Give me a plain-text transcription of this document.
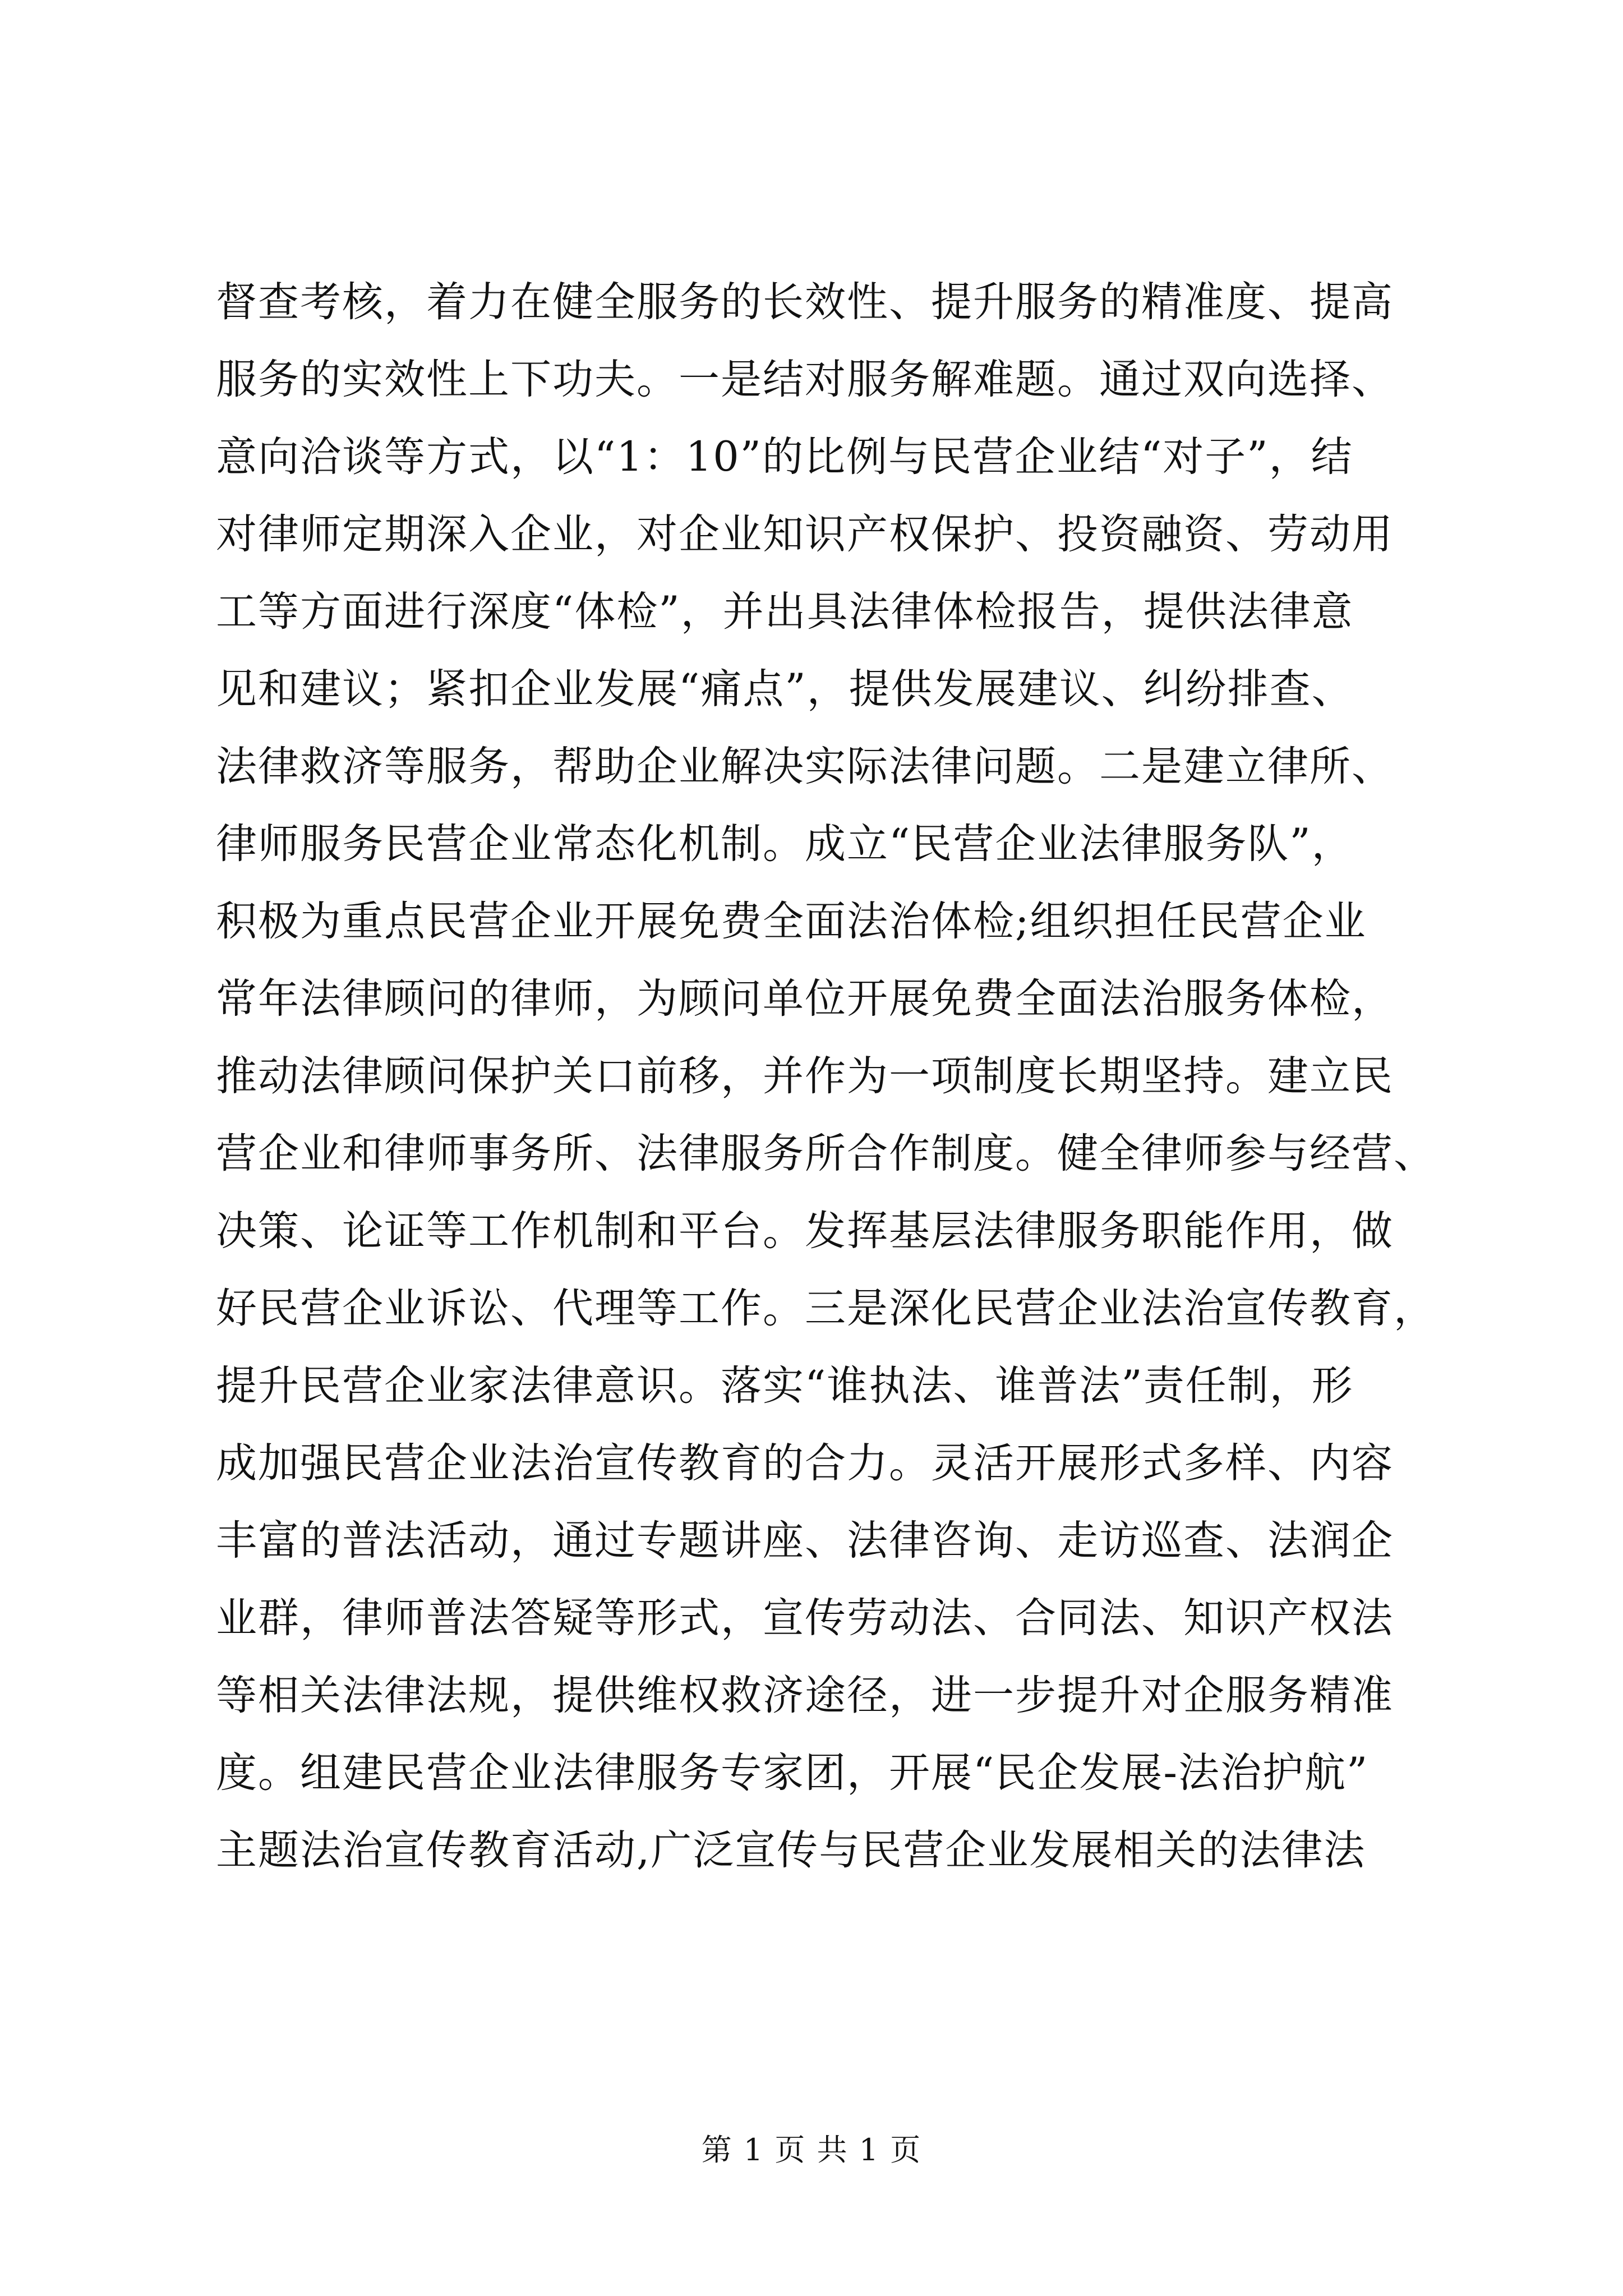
督查考核，着力在健全服务的长效性、提升服务的精准度、提高
服务的实效性上下功夫。一是结对服务解难题。通过双向选择、
意向洽谈等方式，以“1：10”的比例与民营企业结“对子”，结
对律师定期深入企业，对企业知识产权保护、投资融资、劳动用
工等方面进行深度“体检”，并出具法律体检报告，提供法律意
见和建议；紧扣企业发展“痛点”，提供发展建议、纠纷排查、
法律救济等服务，帮助企业解决实际法律问题。二是建立律所、
律师服务民营企业常态化机制。成立“民营企业法律服务队”，
积极为重点民营企业开展免费全面法治体检;组织担任民营企业
常年法律顾问的律师，为顾问单位开展免费全面法治服务体检，
推动法律顾问保护关口前移，并作为一项制度长期坚持。建立民
营企业和律师事务所、法律服务所合作制度。健全律师参与经营、
决策、论证等工作机制和平台。发挥基层法律服务职能作用，做
好民营企业诉讼、代理等工作。三是深化民营企业法治宣传教育，
提升民营企业家法律意识。落实“谁执法、谁普法”责任制，形
成加强民营企业法治宣传教育的合力。灵活开展形式多样、内容
丰富的普法活动，通过专题讲座、法律咨询、走访巡查、法润企
业群，律师普法答疑等形式，宣传劳动法、合同法、知识产权法
等相关法律法规，提供维权救济途径，进一步提升对企服务精准
度。组建民营企业法律服务专家团，开展“民企发展-法治护航”
主题法治宣传教育活动,广泛宣传与民营企业发展相关的法律法
第 1 页 共 1 页
